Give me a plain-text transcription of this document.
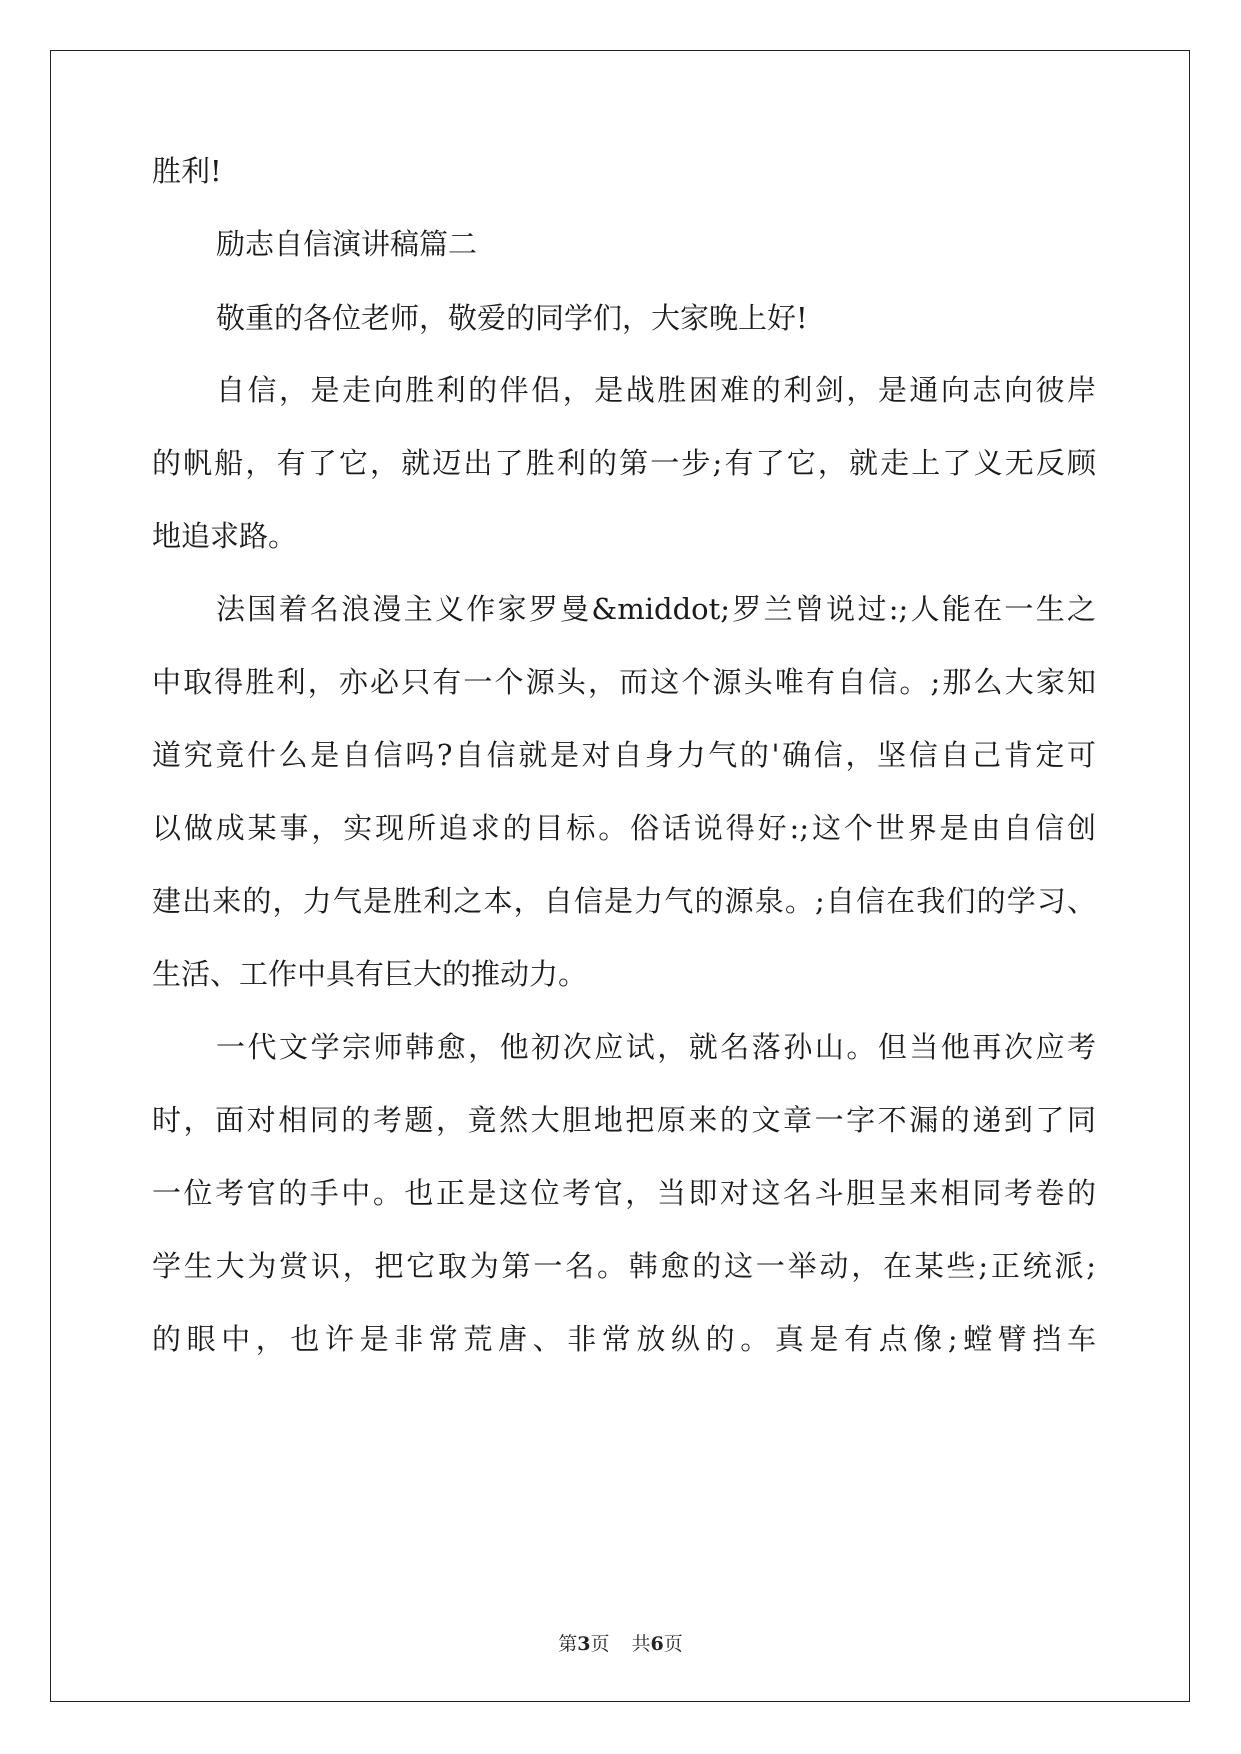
胜利!
励志自信演讲稿篇二
敬重的各位老师，敬爱的同学们，大家晚上好!
自信，是走向胜利的伴侣，是战胜困难的利剑，是通向志向彼岸
的帆船，有了它，就迈出了胜利的第一步;有了它，就走上了义无反顾
地追求路。
法国着名浪漫主义作家罗曼&middot;罗兰曾说过:;人能在一生之
中取得胜利，亦必只有一个源头，而这个源头唯有自信。;那么大家知
道究竟什么是自信吗?自信就是对自身力气的'确信，坚信自己肯定可
以做成某事，实现所追求的目标。俗话说得好:;这个世界是由自信创
建出来的，力气是胜利之本，自信是力气的源泉。;自信在我们的学习、
生活、工作中具有巨大的推动力。
一代文学宗师韩愈，他初次应试，就名落孙山。但当他再次应考
时，面对相同的考题，竟然大胆地把原来的文章一字不漏的递到了同
一位考官的手中。也正是这位考官，当即对这名斗胆呈来相同考卷的
学生大为赏识，把它取为第一名。韩愈的这一举动，在某些;正统派;
的眼中，也许是非常荒唐、非常放纵的。真是有点像;螳臂挡车
第3页 共6页
